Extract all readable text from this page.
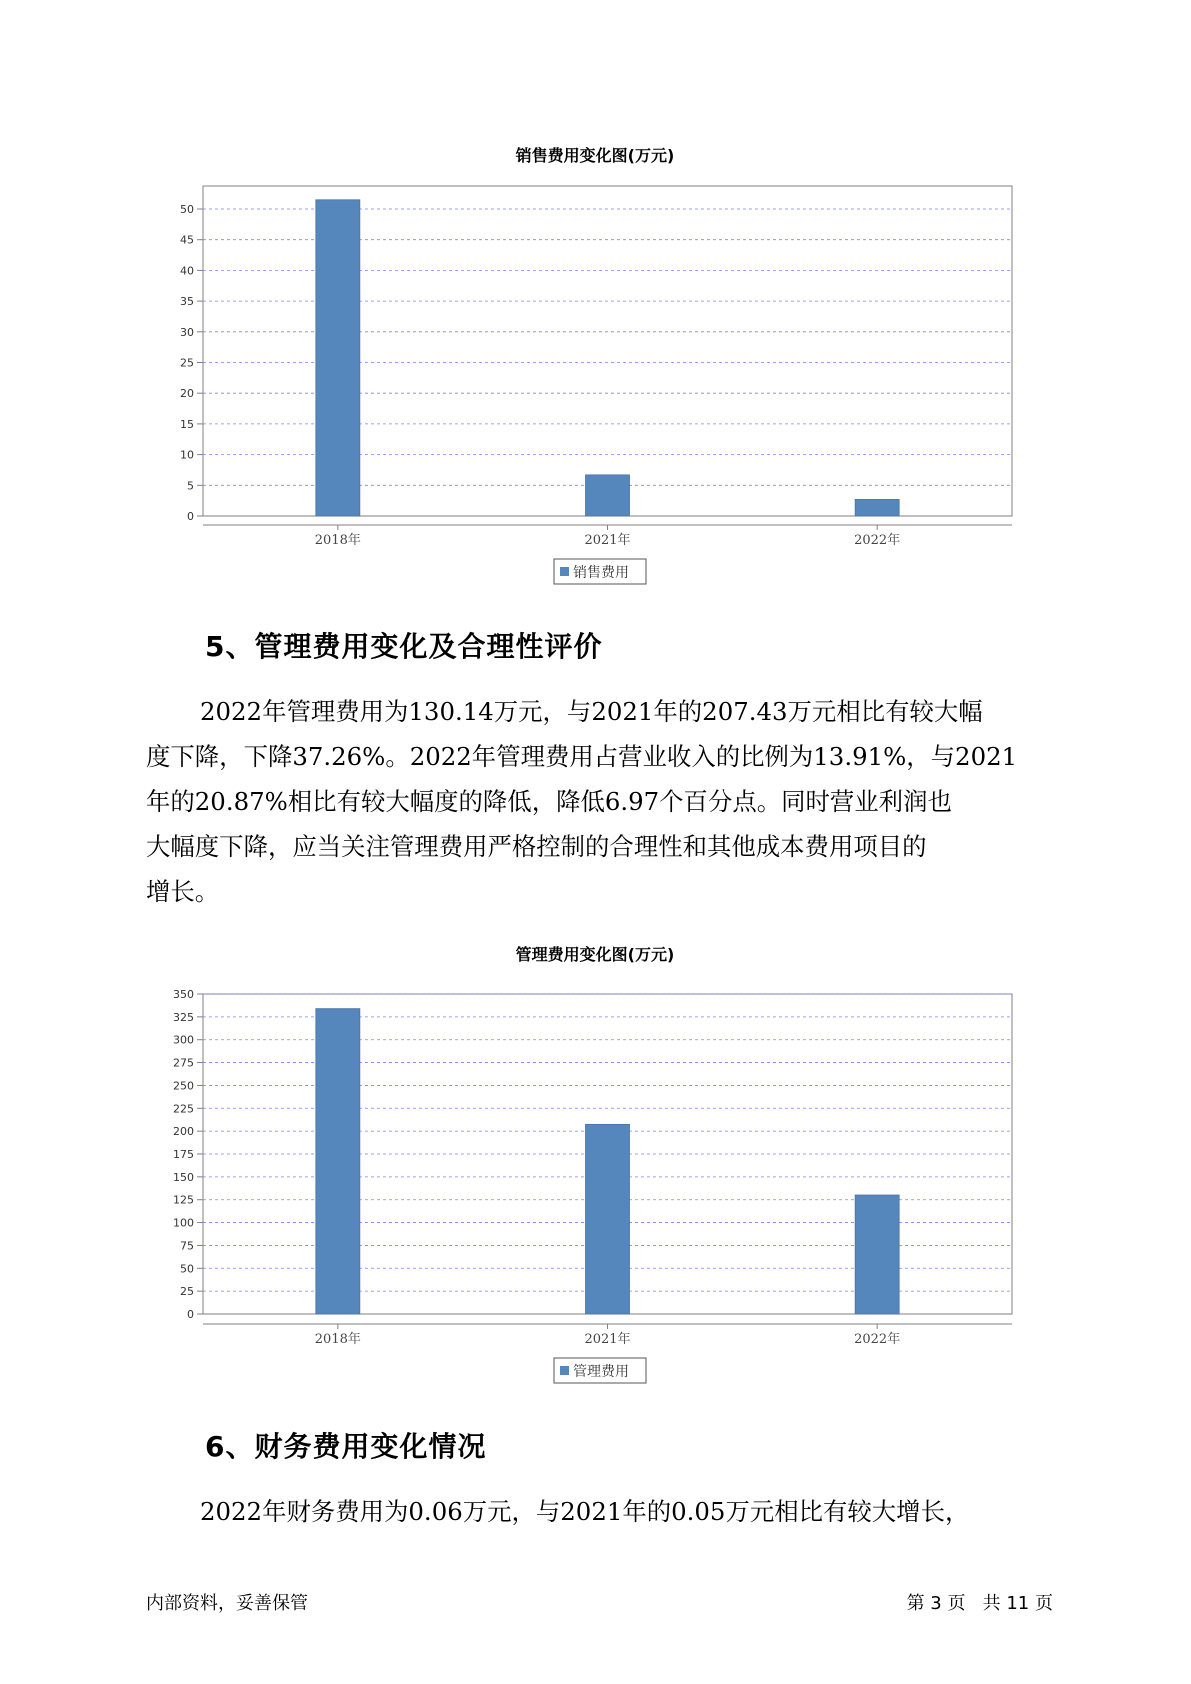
销售费用变化图(万元)
0
5
10
15
20
25
30
35
40
45
50
2018年	2021年	2022年
销售费用
5、管理费用变化及合理性评价
2022年管理费用为130.14万元，与2021年的207.43万元相比有较大幅
度下降，下降37.26%。2022年管理费用占营业收入的比例为13.91%，与2021
年的20.87%相比有较大幅度的降低，降低6.97个百分点。同时营业利润也
大幅度下降，应当关注管理费用严格控制的合理性和其他成本费用项目的
增长。
管理费用变化图(万元)
0
25
50
75
100
125
150
175
200
225
250
275
300
325
350
2018年	2021年	2022年
管理费用
6、财务费用变化情况
2022年财务费用为0.06万元，与2021年的0.05万元相比有较大增长，
内部资料，妥善保管	第 3 页   共 11 页
